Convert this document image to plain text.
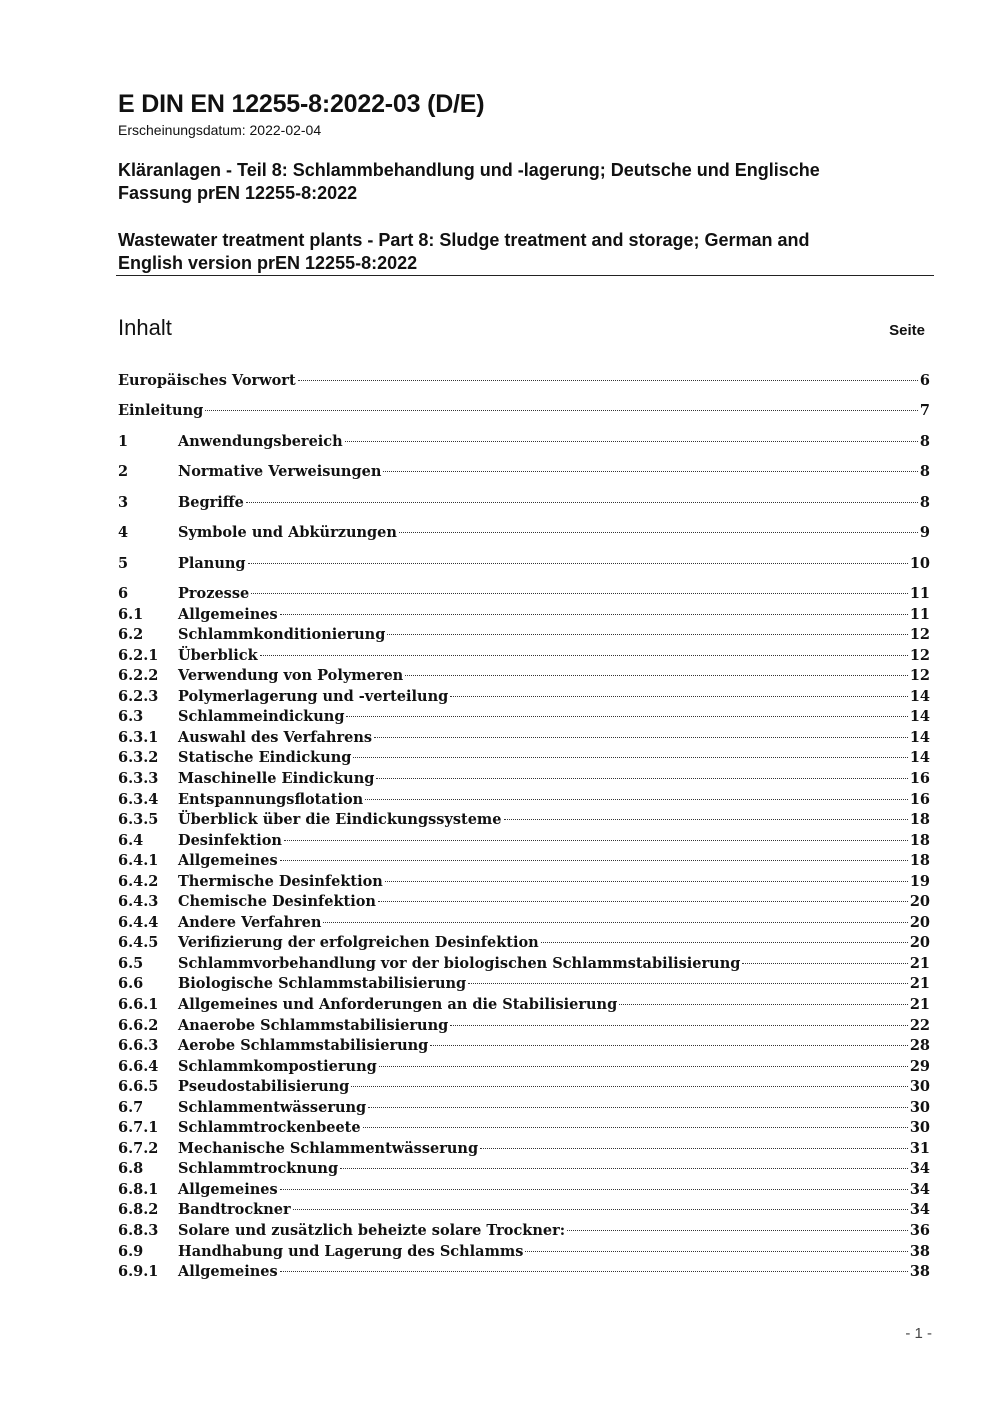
E DIN EN 12255-8:2022-03 (D/E)
Erscheinungsdatum: 2022-02-04
Kläranlagen - Teil 8: Schlammbehandlung und -lagerung; Deutsche und Englische
Fassung prEN 12255-8:2022
Wastewater treatment plants - Part 8: Sludge treatment and storage; German and
English version prEN 12255-8:2022
Inhalt	Seite
Europäisches Vorwort	6
Einleitung	7
1	Anwendungsbereich	8
2	Normative Verweisungen	8
3	Begriffe	8
4	Symbole und Abkürzungen	9
5	Planung	10
6	Prozesse	11
6.1	Allgemeines	11
6.2	Schlammkonditionierung	12
6.2.1	Überblick	12
6.2.2	Verwendung von Polymeren	12
6.2.3	Polymerlagerung und -verteilung	14
6.3	Schlammeindickung	14
6.3.1	Auswahl des Verfahrens	14
6.3.2	Statische Eindickung	14
6.3.3	Maschinelle Eindickung	16
6.3.4	Entspannungsflotation	16
6.3.5	Überblick über die Eindickungssysteme	18
6.4	Desinfektion	18
6.4.1	Allgemeines	18
6.4.2	Thermische Desinfektion	19
6.4.3	Chemische Desinfektion	20
6.4.4	Andere Verfahren	20
6.4.5	Verifizierung der erfolgreichen Desinfektion	20
6.5	Schlammvorbehandlung vor der biologischen Schlammstabilisierung	21
6.6	Biologische Schlammstabilisierung	21
6.6.1	Allgemeines und Anforderungen an die Stabilisierung	21
6.6.2	Anaerobe Schlammstabilisierung	22
6.6.3	Aerobe Schlammstabilisierung	28
6.6.4	Schlammkompostierung	29
6.6.5	Pseudostabilisierung	30
6.7	Schlammentwässerung	30
6.7.1	Schlammtrockenbeete	30
6.7.2	Mechanische Schlammentwässerung	31
6.8	Schlammtrocknung	34
6.8.1	Allgemeines	34
6.8.2	Bandtrockner	34
6.8.3	Solare und zusätzlich beheizte solare Trockner:	36
6.9	Handhabung und Lagerung des Schlamms	38
6.9.1	Allgemeines	38
- 1 -
